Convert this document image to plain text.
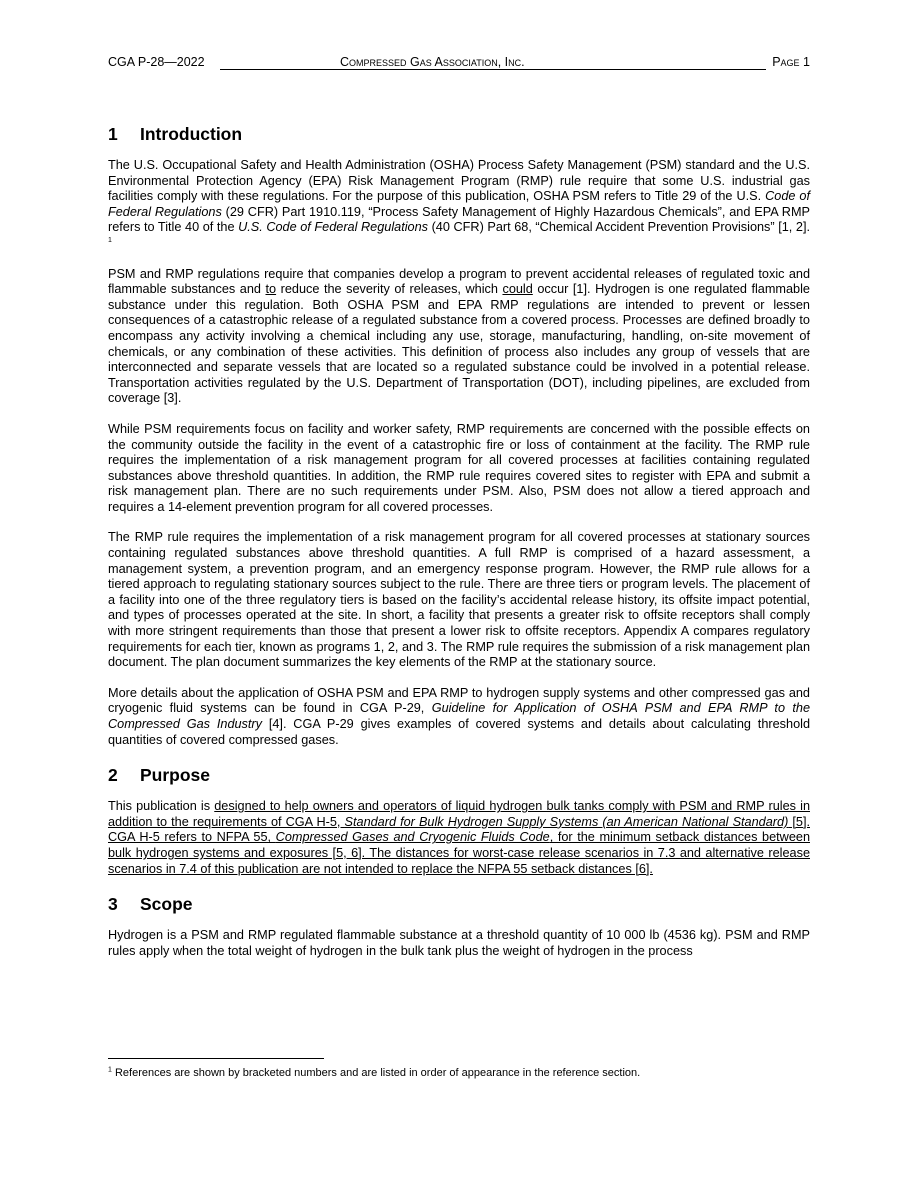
CGA P-28—2022	Compressed Gas Association, Inc.	Page 1
1 Introduction

The U.S. Occupational Safety and Health Administration (OSHA) Process Safety Management (PSM) standard and the U.S. Environmental Protection Agency (EPA) Risk Management Program (RMP) rule require that some U.S. industrial gas facilities comply with these regulations. For the purpose of this publication, OSHA PSM refers to Title 29 of the U.S. Code of Federal Regulations (29 CFR) Part 1910.119, “Process Safety Management of Highly Hazardous Chemicals”, and EPA RMP refers to Title 40 of the U.S. Code of Federal Regulations (40 CFR) Part 68, “Chemical Accident Prevention Provisions” [1, 2]. $^1$

PSM and RMP regulations require that companies develop a program to prevent accidental releases of regulated toxic and flammable substances and to reduce the severity of releases, which could occur [1]. Hydrogen is one regulated flammable substance under this regulation. Both OSHA PSM and EPA RMP regulations are intended to prevent or lessen consequences of a catastrophic release of a regulated substance from a covered process. Processes are defined broadly to encompass any activity involving a chemical including any use, storage, manufacturing, handling, on-site movement of chemicals, or any combination of these activities. This definition of process also includes any group of vessels that are interconnected and separate vessels that are located so a regulated substance could be involved in a potential release. Transportation activities regulated by the U.S. Department of Transportation (DOT), including pipelines, are excluded from coverage [3].

While PSM requirements focus on facility and worker safety, RMP requirements are concerned with the possible effects on the community outside the facility in the event of a catastrophic fire or loss of containment at the facility. The RMP rule requires the implementation of a risk management program for all covered processes at facilities containing regulated substances above threshold quantities. In addition, the RMP rule requires covered sites to register with EPA and submit a risk management plan. There are no such requirements under PSM. Also, PSM does not allow a tiered approach and requires a 14-element prevention program for all covered processes.

The RMP rule requires the implementation of a risk management program for all covered processes at stationary sources containing regulated substances above threshold quantities. A full RMP is comprised of a hazard assessment, a management system, a prevention program, and an emergency response program. However, the RMP rule allows for a tiered approach to regulating stationary sources subject to the rule. There are three tiers or program levels. The placement of a facility into one of the three regulatory tiers is based on the facility’s accidental release history, its offsite impact potential, and types of processes operated at the site. In short, a facility that presents a greater risk to offsite receptors shall comply with more stringent requirements than those that present a lower risk to offsite receptors. Appendix A compares regulatory requirements for each tier, known as programs 1, 2, and 3. The RMP rule requires the submission of a risk management plan document. The plan document summarizes the key elements of the RMP at the stationary source.

More details about the application of OSHA PSM and EPA RMP to hydrogen supply systems and other compressed gas and cryogenic fluid systems can be found in CGA P-29, Guideline for Application of OSHA PSM and EPA RMP to the Compressed Gas Industry [4]. CGA P-29 gives examples of covered systems and details about calculating threshold quantities of covered compressed gases.

2 Purpose

This publication is designed to help owners and operators of liquid hydrogen bulk tanks comply with PSM and RMP rules in addition to the requirements of CGA H-5, Standard for Bulk Hydrogen Supply Systems (an American National Standard) [5]. CGA H-5 refers to NFPA 55, Compressed Gases and Cryogenic Fluids Code, for the minimum setback distances between bulk hydrogen systems and exposures [5, 6]. The distances for worst-case release scenarios in 7.3 and alternative release scenarios in 7.4 of this publication are not intended to replace the NFPA 55 setback distances [6].

3 Scope

Hydrogen is a PSM and RMP regulated flammable substance at a threshold quantity of 10 000 lb (4536 kg). PSM and RMP rules apply when the total weight of hydrogen in the bulk tank plus the weight of hydrogen in the process

$^1$ References are shown by bracketed numbers and are listed in order of appearance in the reference section.
